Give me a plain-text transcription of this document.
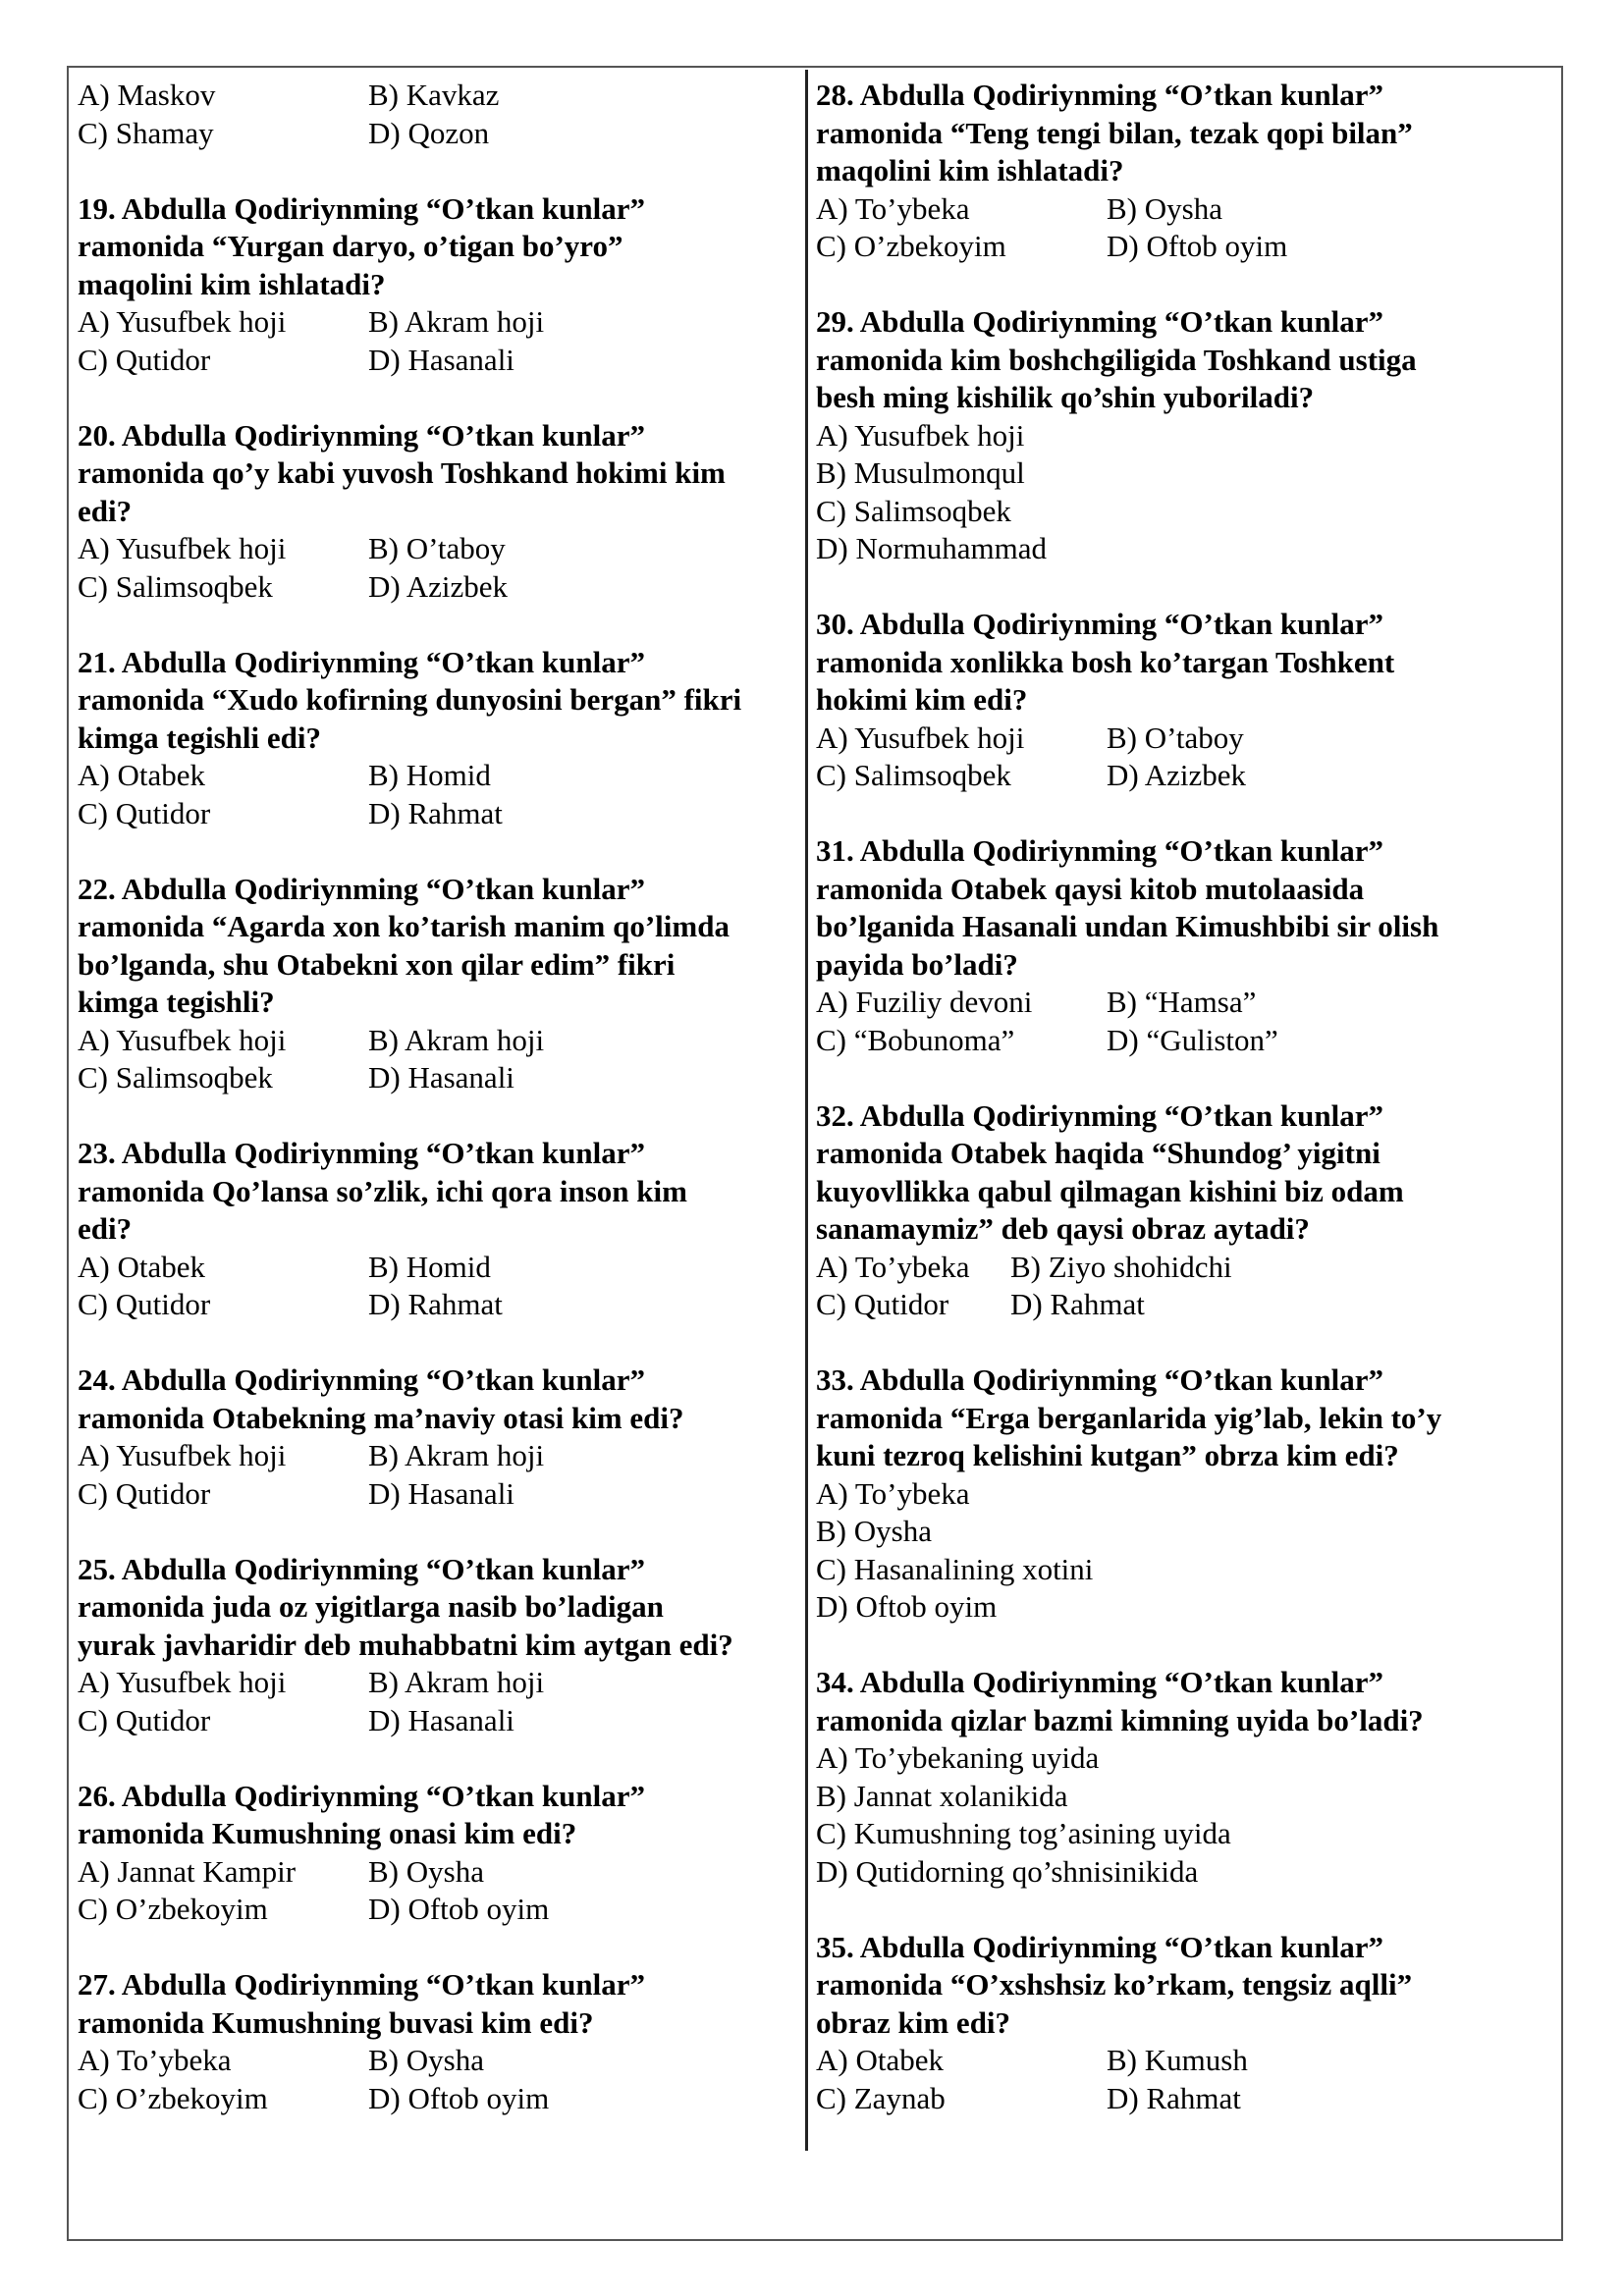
A) Maskov	B) Kavkaz
C) Shamay	D) Qozon
19. Abdulla Qodiriynming “O’tkan kunlar”
ramonida “Yurgan daryo, o’tigan bo’yro”
maqolini kim ishlatadi?
A) Yusufbek hoji	B) Akram hoji
C) Qutidor	D) Hasanali
20. Abdulla Qodiriynming “O’tkan kunlar”
ramonida qo’y kabi yuvosh Toshkand hokimi kim
edi?
A) Yusufbek hoji	B) O’taboy
C) Salimsoqbek	D) Azizbek
21. Abdulla Qodiriynming “O’tkan kunlar”
ramonida “Xudo kofirning dunyosini bergan” fikri
kimga tegishli edi?
A) Otabek	B) Homid
C) Qutidor	D) Rahmat
22. Abdulla Qodiriynming “O’tkan kunlar”
ramonida “Agarda xon ko’tarish manim qo’limda
bo’lganda, shu Otabekni xon qilar edim” fikri
kimga tegishli?
A) Yusufbek hoji	B) Akram hoji
C) Salimsoqbek	D) Hasanali
23. Abdulla Qodiriynming “O’tkan kunlar”
ramonida Qo’lansa so’zlik, ichi qora inson kim
edi?
A) Otabek	B) Homid
C) Qutidor	D) Rahmat
24. Abdulla Qodiriynming “O’tkan kunlar”
ramonida Otabekning ma’naviy otasi kim edi?
A) Yusufbek hoji	B) Akram hoji
C) Qutidor	D) Hasanali
25. Abdulla Qodiriynming “O’tkan kunlar”
ramonida juda oz yigitlarga nasib bo’ladigan
yurak javharidir deb muhabbatni kim aytgan edi?
A) Yusufbek hoji	B) Akram hoji
C) Qutidor	D) Hasanali
26. Abdulla Qodiriynming “O’tkan kunlar”
ramonida Kumushning onasi kim edi?
A) Jannat Kampir	B) Oysha
C) O’zbekoyim	D) Oftob oyim
27. Abdulla Qodiriynming “O’tkan kunlar”
ramonida Kumushning buvasi kim edi?
A) To’ybeka	B) Oysha
C) O’zbekoyim	D) Oftob oyim
28. Abdulla Qodiriynming “O’tkan kunlar”
ramonida “Teng tengi bilan, tezak qopi bilan”
maqolini kim ishlatadi?
A) To’ybeka	B) Oysha
C) O’zbekoyim	D) Oftob oyim
29. Abdulla Qodiriynming “O’tkan kunlar”
ramonida kim boshchgiligida Toshkand ustiga
besh ming kishilik qo’shin yuboriladi?
A) Yusufbek hoji
B) Musulmonqul
C) Salimsoqbek
D) Normuhammad
30. Abdulla Qodiriynming “O’tkan kunlar”
ramonida xonlikka bosh ko’targan Toshkent
hokimi kim edi?
A) Yusufbek hoji	B) O’taboy
C) Salimsoqbek	D) Azizbek
31. Abdulla Qodiriynming “O’tkan kunlar”
ramonida Otabek qaysi kitob mutolaasida
bo’lganida Hasanali undan Kimushbibi sir olish
payida bo’ladi?
A) Fuziliy devoni	B) “Hamsa”
C) “Bobunoma”	D) “Guliston”
32. Abdulla Qodiriynming “O’tkan kunlar”
ramonida Otabek haqida “Shundog’ yigitni
kuyovllikka qabul qilmagan kishini biz odam
sanamaymiz” deb qaysi obraz aytadi?
A) To’ybeka	B) Ziyo shohidchi
C) Qutidor	D) Rahmat
33. Abdulla Qodiriynming “O’tkan kunlar”
ramonida “Erga berganlarida yig’lab, lekin to’y
kuni tezroq kelishini kutgan” obrza kim edi?
A) To’ybeka
B) Oysha
C) Hasanalining xotini
D) Oftob oyim
34. Abdulla Qodiriynming “O’tkan kunlar”
ramonida qizlar bazmi kimning uyida bo’ladi?
A) To’ybekaning uyida
B) Jannat xolanikida
C) Kumushning tog’asining uyida
D) Qutidorning qo’shnisinikida
35. Abdulla Qodiriynming “O’tkan kunlar”
ramonida “O’xshshsiz ko’rkam, tengsiz aqlli”
obraz kim edi?
A) Otabek	B) Kumush
C) Zaynab	D) Rahmat
